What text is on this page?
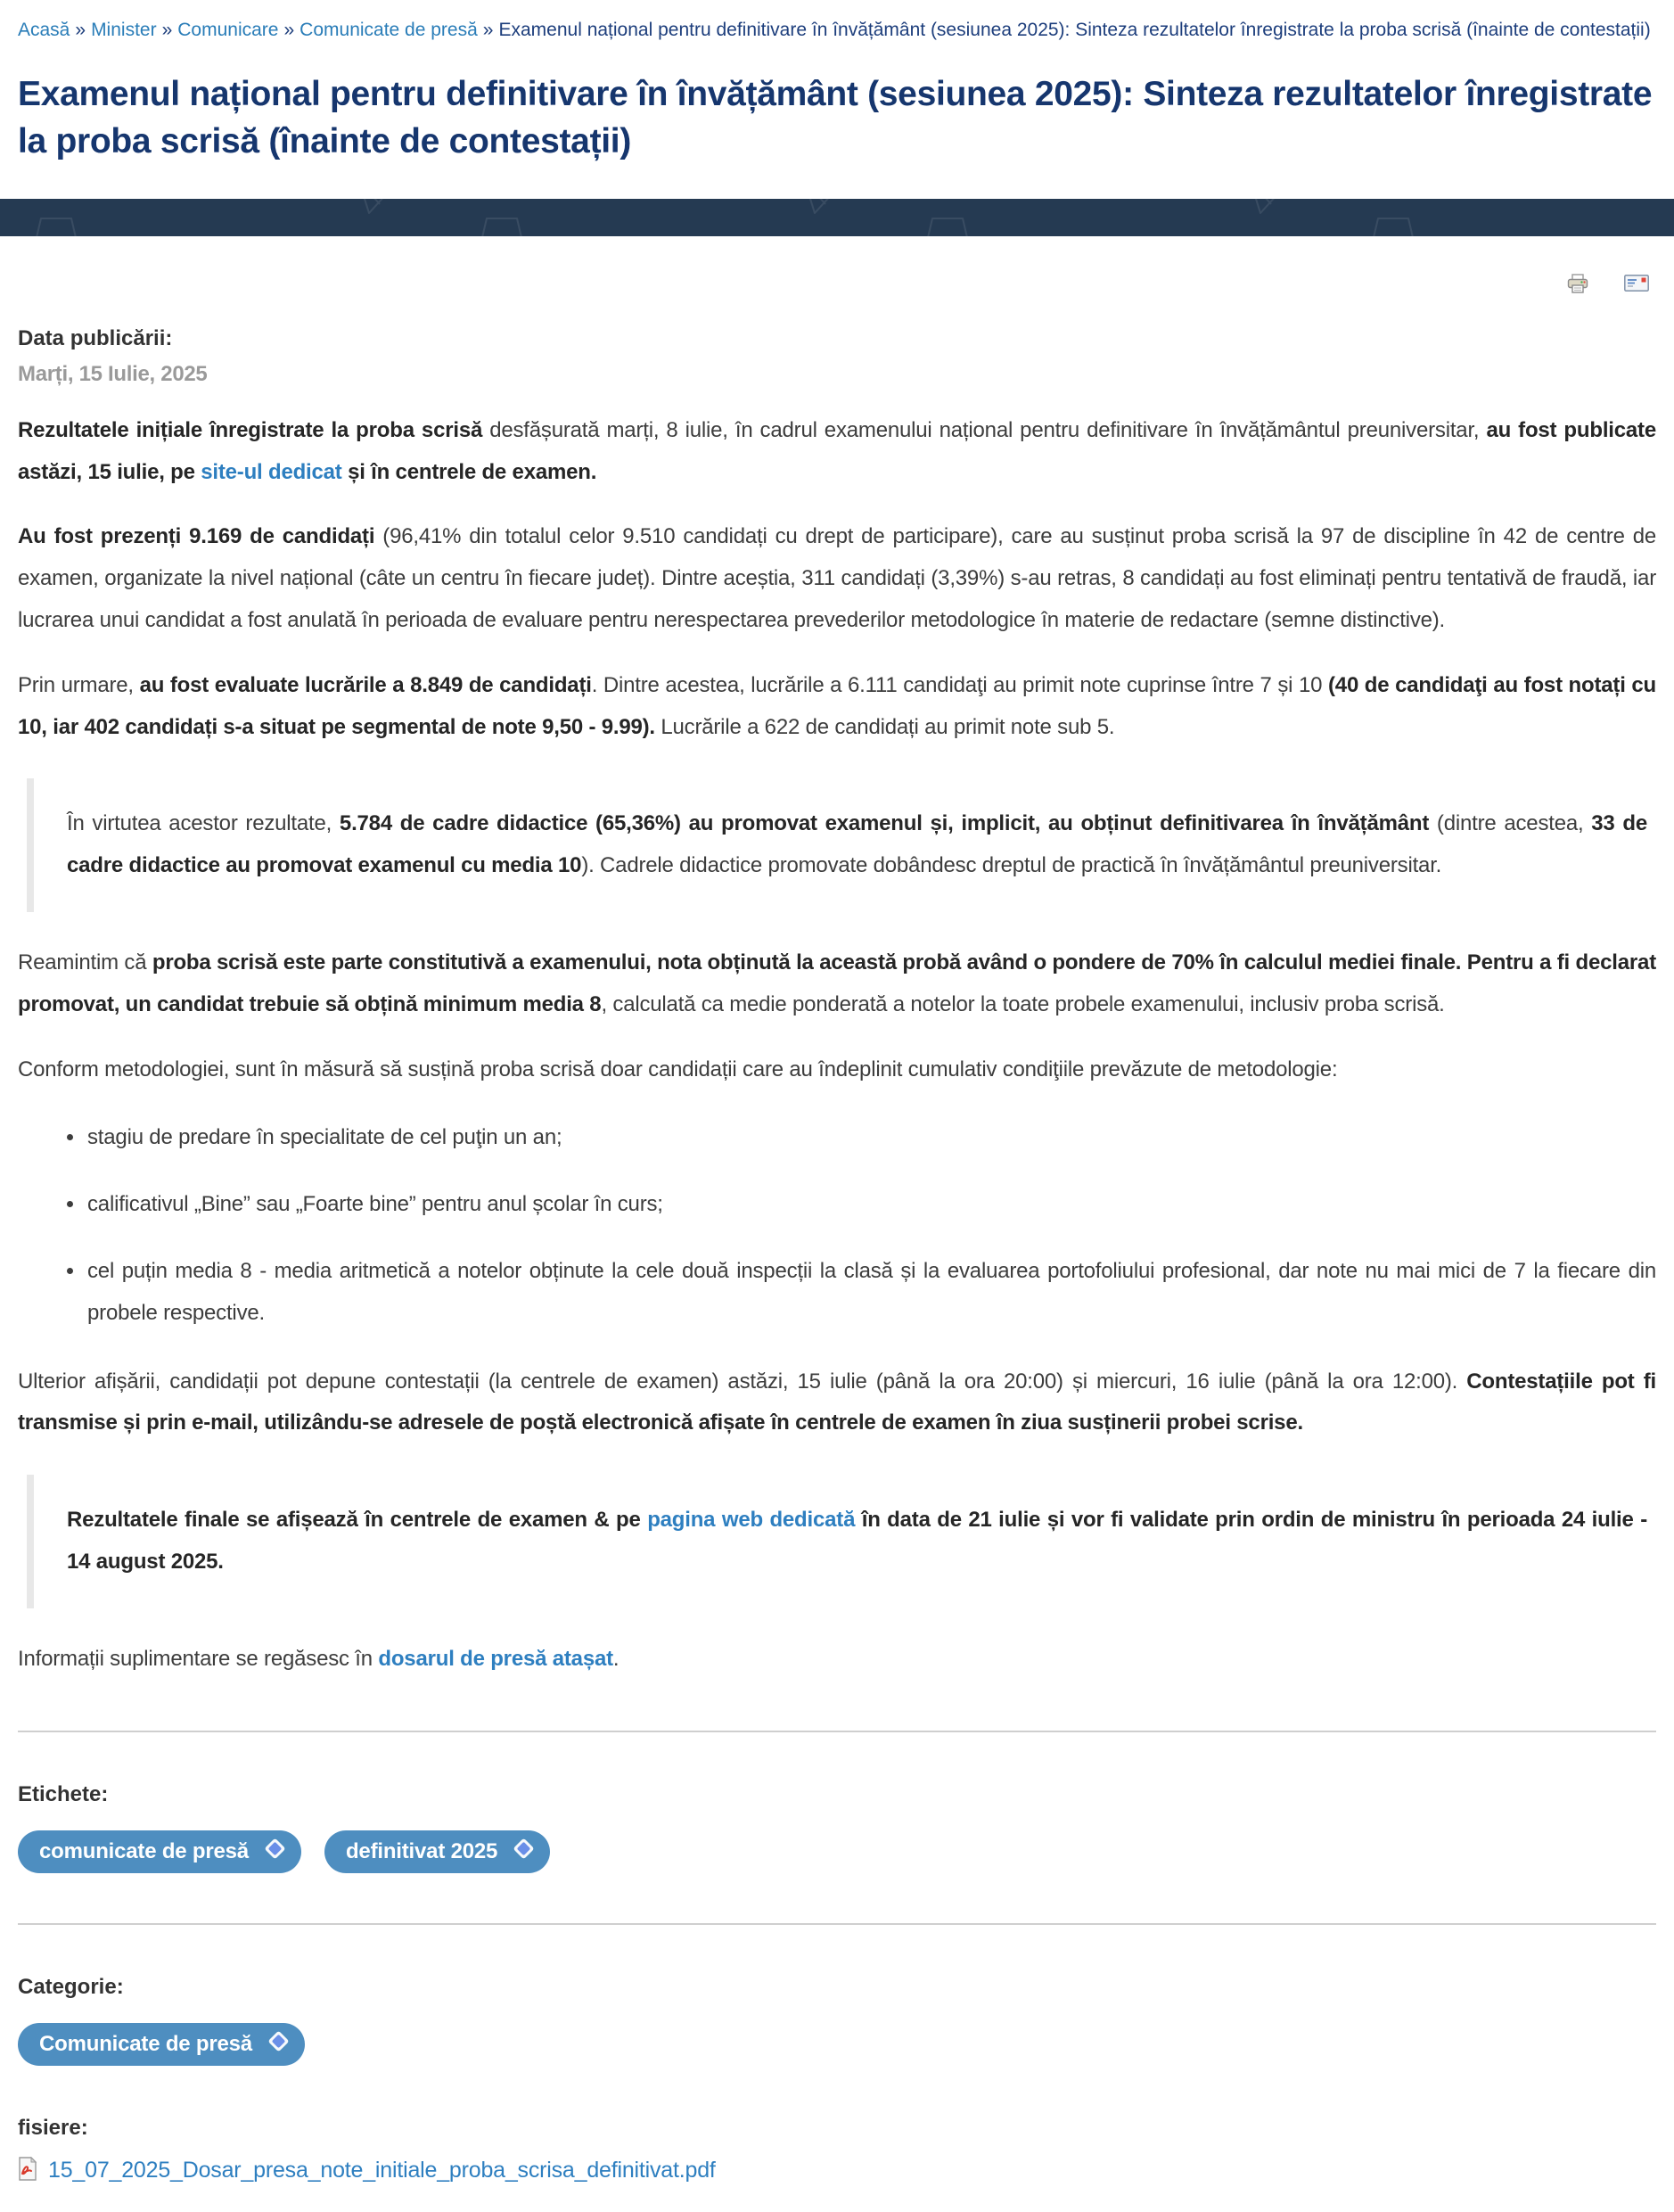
Acasă » Minister » Comunicare » Comunicate de presă » Examenul național pentru definitivare în învățământ (sesiunea 2025): Sinteza rezultatelor înregistrate la proba scrisă (înainte de contestații)
Examenul național pentru definitivare în învățământ (sesiunea 2025): Sinteza rezultatelor înregistrate la proba scrisă (înainte de contestații)
Data publicării:
Marți, 15 Iulie, 2025

Rezultatele inițiale înregistrate la proba scrisă desfășurată marți, 8 iulie, în cadrul examenului național pentru definitivare în învățământul preuniversitar, au fost publicate astăzi, 15 iulie, pe site-ul dedicat și în centrele de examen.

Au fost prezenți 9.169 de candidați (96,41% din totalul celor 9.510 candidați cu drept de participare), care au susținut proba scrisă la 97 de discipline în 42 de centre de examen, organizate la nivel național (câte un centru în fiecare județ). Dintre aceștia, 311 candidați (3,39%) s-au retras, 8 candidați au fost eliminați pentru tentativă de fraudă, iar lucrarea unui candidat a fost anulată în perioada de evaluare pentru nerespectarea prevederilor metodologice în materie de redactare (semne distinctive).

Prin urmare, au fost evaluate lucrările a 8.849 de candidați. Dintre acestea, lucrările a 6.111 candidaţi au primit note cuprinse între 7 și 10 (40 de candidaţi au fost notați cu 10, iar 402 candidați s-a situat pe segmental de note 9,50 - 9.99). Lucrările a 622 de candidați au primit note sub 5.

În virtutea acestor rezultate, 5.784 de cadre didactice (65,36%) au promovat examenul și, implicit, au obținut definitivarea în învățământ (dintre acestea, 33 de cadre didactice au promovat examenul cu media 10). Cadrele didactice promovate dobândesc dreptul de practică în învățământul preuniversitar.

Reamintim că proba scrisă este parte constitutivă a examenului, nota obținută la această probă având o pondere de 70% în calculul mediei finale. Pentru a fi declarat promovat, un candidat trebuie să obțină minimum media 8, calculată ca medie ponderată a notelor la toate probele examenului, inclusiv proba scrisă.

Conform metodologiei, sunt în măsură să susțină proba scrisă doar candidații care au îndeplinit cumulativ condiţiile prevăzute de metodologie:

• stagiu de predare în specialitate de cel puţin un an;
• calificativul „Bine” sau „Foarte bine” pentru anul școlar în curs;
• cel puțin media 8 - media aritmetică a notelor obținute la cele două inspecții la clasă și la evaluarea portofoliului profesional, dar note nu mai mici de 7 la fiecare din probele respective.

Ulterior afișării, candidații pot depune contestații (la centrele de examen) astăzi, 15 iulie (până la ora 20:00) și miercuri, 16 iulie (până la ora 12:00). Contestațiile pot fi transmise și prin e-mail, utilizându-se adresele de poștă electronică afișate în centrele de examen în ziua susținerii probei scrise.

Rezultatele finale se afișează în centrele de examen & pe pagina web dedicată în data de 21 iulie și vor fi validate prin ordin de ministru în perioada 24 iulie - 14 august 2025.

Informații suplimentare se regăsesc în dosarul de presă atașat.

Etichete:
comunicate de presă	definitivat 2025
Categorie:
Comunicate de presă
fisiere:
15_07_2025_Dosar_presa_note_initiale_proba_scrisa_definitivat.pdf
